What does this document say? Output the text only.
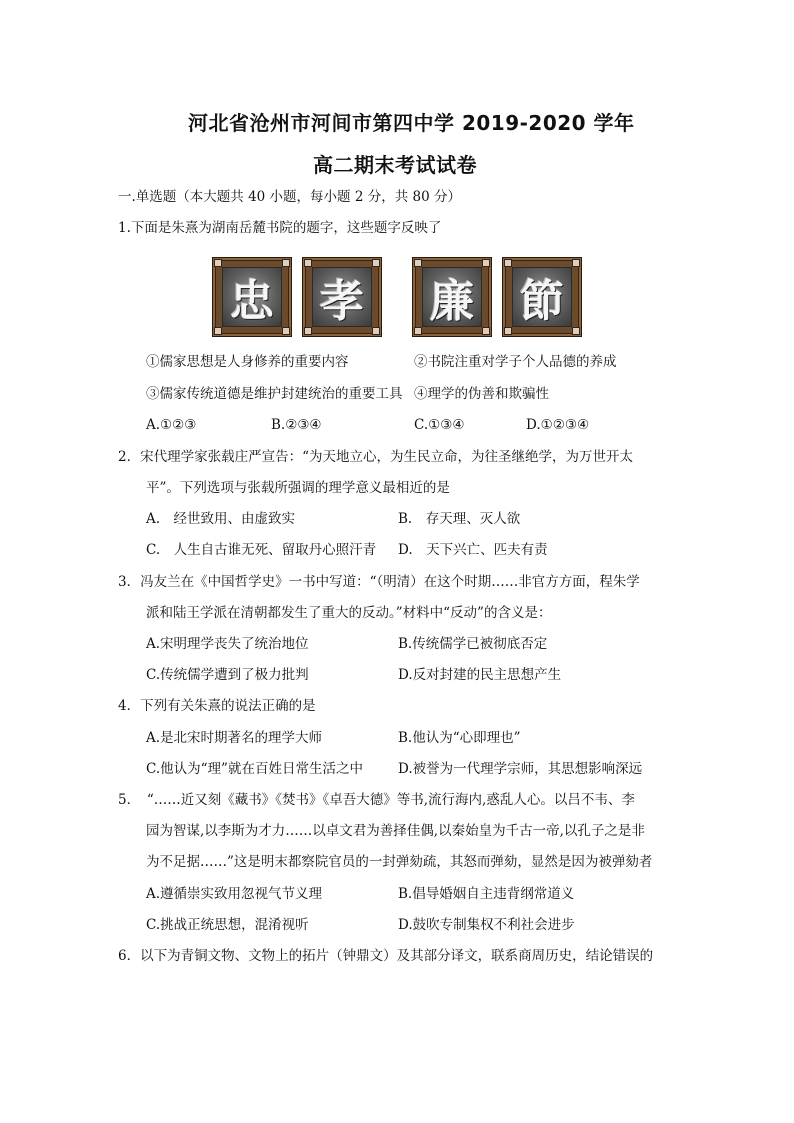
河北省沧州市河间市第四中学 2019-2020 学年
高二期末考试试卷
一.单选题（本大题共 40 小题，每小题 2 分，共 80 分）
1.下面是朱熹为湖南岳麓书院的题字，这些题字反映了
忠 孝 廉 節
①儒家思想是人身修养的重要内容	②书院注重对学子个人品德的养成
③儒家传统道德是维护封建统治的重要工具 ④理学的伪善和欺骗性
A.①②③	B.②③④	C.①③④	D.①②③④
2．宋代理学家张载庄严宣告：“为天地立心，为生民立命，为往圣继绝学，为万世开太
平”。下列选项与张载所强调的理学意义最相近的是
A.　经世致用、由虚致实	B.　存天理、灭人欲
C.　人生自古谁无死、留取丹心照汗青 D.　天下兴亡、匹夫有责
3．冯友兰在《中国哲学史》一书中写道：“（明清）在这个时期……非官方方面，程朱学
派和陆王学派在清朝都发生了重大的反动。”材料中“反动”的含义是：
A.宋明理学丧失了统治地位	B.传统儒学已被彻底否定
C.传统儒学遭到了极力批判	D.反对封建的民主思想产生
4．下列有关朱熹的说法正确的是
A.是北宋时期著名的理学大师	B.他认为“心即理也”
C.他认为“理”就在百姓日常生活之中	D.被誉为一代理学宗师，其思想影响深远
5．　“……近又刻《藏书》《焚书》《卓吾大德》等书,流行海内,惑乱人心。以吕不韦、李
园为智谋,以李斯为才力……以卓文君为善择佳偶,以秦始皇为千古一帝,以孔子之是非
为不足据……”这是明末都察院官员的一封弹劾疏，其怒而弹劾，显然是因为被弹劾者
A.遵循崇实致用忽视气节义理	B.倡导婚姻自主违背纲常道义
C.挑战正统思想，混淆视听	D.鼓吹专制集权不利社会进步
6．以下为青铜文物、文物上的拓片（钟鼎文）及其部分译文，联系商周历史，结论错误的
